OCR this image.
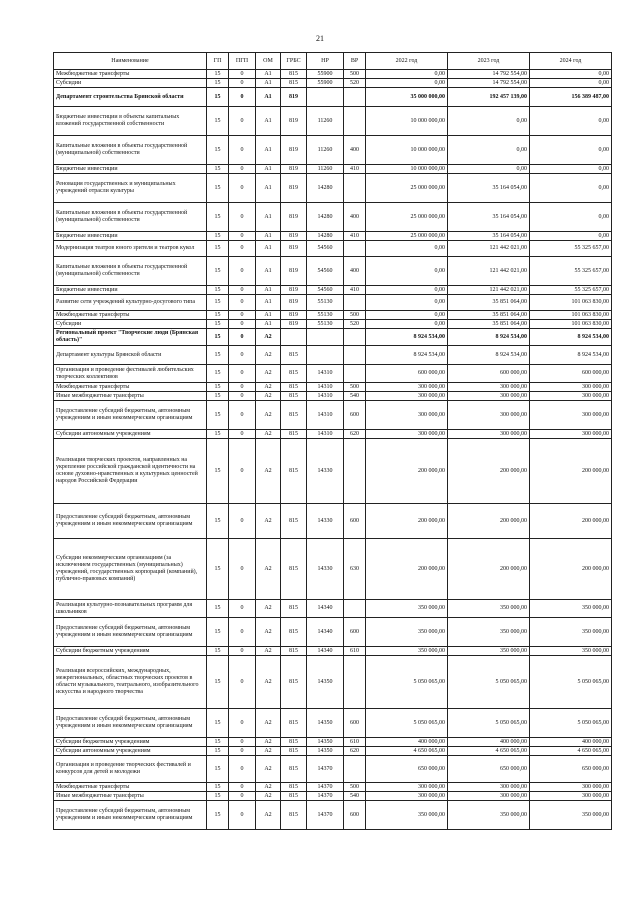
21
Наименование	ГП	ПГП	ОМ	ГРБС	НР	ВР	2022 год	2023 год	2024 год
Межбюджетные трансферты	15	0	A1	815	55900	500	0,00	14 792 554,00	0,00
Субсидии	15	0	A1	815	55900	520	0,00	14 792 554,00	0,00
Департамент строительства Брянской области	15	0	A1	819			35 000 000,00	192 457 139,00	156 389 487,00
Бюджетные инвестиции в объекты капитальных вложений государственной собственности	15	0	A1	819	11260		10 000 000,00	0,00	0,00
Капитальные вложения в объекты государственной (муниципальной) собственности	15	0	A1	819	11260	400	10 000 000,00	0,00	0,00
Бюджетные инвестиции	15	0	A1	819	11260	410	10 000 000,00	0,00	0,00
Реновация государственных и муниципальных учреждений отрасли культуры	15	0	A1	819	14280		25 000 000,00	35 164 054,00	0,00
Капитальные вложения в объекты государственной (муниципальной) собственности	15	0	A1	819	14280	400	25 000 000,00	35 164 054,00	0,00
Бюджетные инвестиции	15	0	A1	819	14280	410	25 000 000,00	35 164 054,00	0,00
Модернизация театров юного зрителя и театров кукол	15	0	A1	819	54560		0,00	121 442 021,00	55 325 657,00
Капитальные вложения в объекты государственной (муниципальной) собственности	15	0	A1	819	54560	400	0,00	121 442 021,00	55 325 657,00
Бюджетные инвестиции	15	0	A1	819	54560	410	0,00	121 442 021,00	55 325 657,00
Развитие сети учреждений культурно-досугового типа	15	0	A1	819	55130		0,00	35 851 064,00	101 063 830,00
Межбюджетные трансферты	15	0	A1	819	55130	500	0,00	35 851 064,00	101 063 830,00
Субсидии	15	0	A1	819	55130	520	0,00	35 851 064,00	101 063 830,00
Региональный проект "Творческие люди (Брянская область)"	15	0	A2				8 924 534,00	8 924 534,00	8 924 534,00
Департамент культуры Брянской области	15	0	A2	815			8 924 534,00	8 924 534,00	8 924 534,00
Организация и проведение фестивалей любительских творческих коллективов	15	0	A2	815	14310		600 000,00	600 000,00	600 000,00
Межбюджетные трансферты	15	0	A2	815	14310	500	300 000,00	300 000,00	300 000,00
Иные межбюджетные трансферты	15	0	A2	815	14310	540	300 000,00	300 000,00	300 000,00
Предоставление субсидий бюджетным, автономным учреждениям и иным некоммерческим организациям	15	0	A2	815	14310	600	300 000,00	300 000,00	300 000,00
Субсидии автономным учреждениям	15	0	A2	815	14310	620	300 000,00	300 000,00	300 000,00
Реализация творческих проектов, направленных на укрепление российской гражданской идентичности на основе духовно-нравственных и культурных ценностей народов Российской Федерации	15	0	A2	815	14330		200 000,00	200 000,00	200 000,00
Предоставление субсидий бюджетным, автономным учреждениям и иным некоммерческим организациям	15	0	A2	815	14330	600	200 000,00	200 000,00	200 000,00
Субсидии некоммерческим организациям (за исключением государственных (муниципальных) учреждений, государственных корпораций (компаний), публично-правовых компаний)	15	0	A2	815	14330	630	200 000,00	200 000,00	200 000,00
Реализация культурно-познавательных программ для школьников	15	0	A2	815	14340		350 000,00	350 000,00	350 000,00
Предоставление субсидий бюджетным, автономным учреждениям и иным некоммерческим организациям	15	0	A2	815	14340	600	350 000,00	350 000,00	350 000,00
Субсидии бюджетным учреждениям	15	0	A2	815	14340	610	350 000,00	350 000,00	350 000,00
Реализация всероссийских, международных, межрегиональных, областных творческих проектов в области музыкального, театрального, изобразительного искусства и народного творчества	15	0	A2	815	14350		5 050 065,00	5 050 065,00	5 050 065,00
Предоставление субсидий бюджетным, автономным учреждениям и иным некоммерческим организациям	15	0	A2	815	14350	600	5 050 065,00	5 050 065,00	5 050 065,00
Субсидии бюджетным учреждениям	15	0	A2	815	14350	610	400 000,00	400 000,00	400 000,00
Субсидии автономным учреждениям	15	0	A2	815	14350	620	4 650 065,00	4 650 065,00	4 650 065,00
Организация и проведение творческих фестивалей и конкурсов для детей и молодежи	15	0	A2	815	14370		650 000,00	650 000,00	650 000,00
Межбюджетные трансферты	15	0	A2	815	14370	500	300 000,00	300 000,00	300 000,00
Иные межбюджетные трансферты	15	0	A2	815	14370	540	300 000,00	300 000,00	300 000,00
Предоставление субсидий бюджетным, автономным учреждениям и иным некоммерческим организациям	15	0	A2	815	14370	600	350 000,00	350 000,00	350 000,00
